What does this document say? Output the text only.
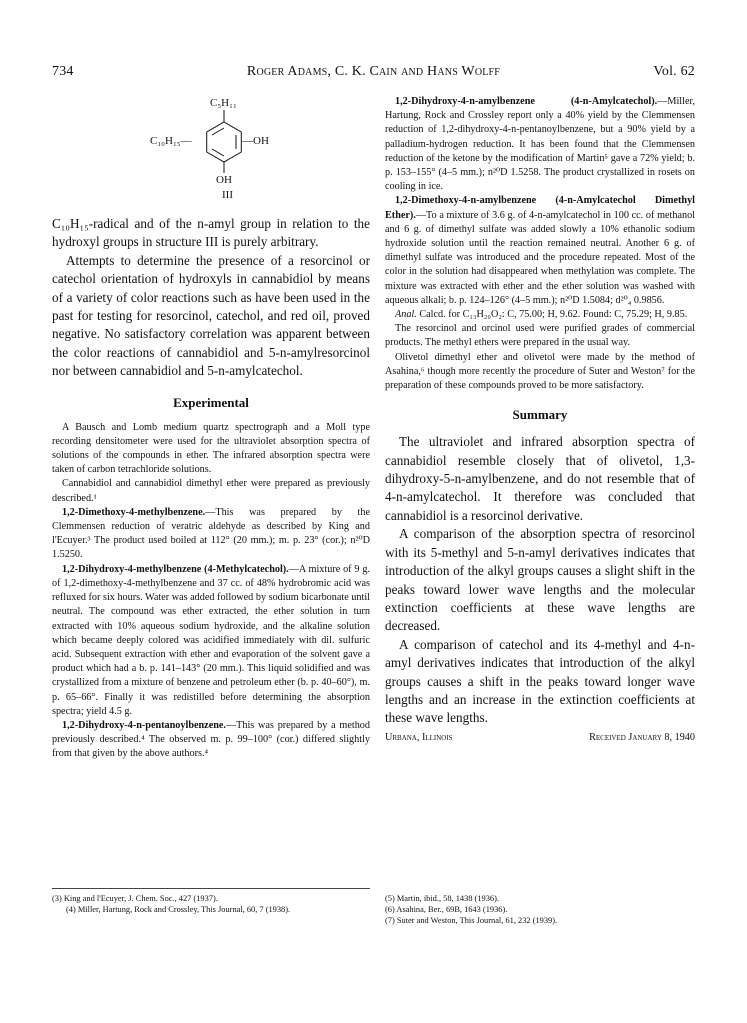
734	Roger Adams, C. K. Cain and Hans Wolff	Vol. 62
C₅H₁₁
C₁₀H₁₅—	—OH
OH
III

C₁₀H₁₅-radical and of the n-amyl group in relation to the hydroxyl groups in structure III is purely arbitrary.

Attempts to determine the presence of a resorcinol or catechol orientation of hydroxyls in cannabidiol by means of a variety of color reactions such as have been used in the past for testing for resorcinol, catechol, and red oil, proved negative. No satisfactory correlation was apparent between the color reactions of cannabidiol and 5-n-amylresorcinol nor between cannabidiol and 5-n-amylcatechol.

Experimental

A Bausch and Lomb medium quartz spectrograph and a Moll type recording densitometer were used for the ultraviolet absorption spectra of solutions of the compounds in ether. The infrared absorption spectra were taken of carbon tetrachloride solutions.

Cannabidiol and cannabidiol dimethyl ether were prepared as previously described.¹

1,2-Dimethoxy-4-methylbenzene.—This was prepared by the Clemmensen reduction of veratric aldehyde as described by King and l'Ecuyer.³ The product used boiled at 112° (20 mm.); m. p. 23° (cor.); n²⁰D 1.5250.

1,2-Dihydroxy-4-methylbenzene (4-Methylcatechol).—A mixture of 9 g. of 1,2-dimethoxy-4-methylbenzene and 37 cc. of 48% hydrobromic acid was refluxed for six hours. Water was added followed by sodium bicarbonate until neutral. The compound was ether extracted, the ether solution in turn extracted with 10% aqueous sodium hydroxide, and the alkaline solution which became deeply colored was acidified immediately with dil. sulfuric acid. Subsequent extraction with ether and evaporation of the solvent gave a product which had a b. p. 141–143° (20 mm.). This liquid solidified and was crystallized from a mixture of benzene and petroleum ether (b. p. 40–60°), m. p. 65–66°. Finally it was redistilled before determining the absorption spectra; yield 4.5 g.

1,2-Dihydroxy-4-n-pentanoylbenzene.—This was prepared by a method previously described.⁴ The observed m. p. 99–100° (cor.) differed slightly from that given by the above authors.⁴

1,2-Dihydroxy-4-n-amylbenzene (4-n-Amylcatechol).—Miller, Hartung, Rock and Crossley report only a 40% yield by the Clemmensen reduction of 1,2-dihydroxy-4-n-pentanoylbenzene, but a 90% yield by a palladium-hydrogen reduction. It has been found that the Clemmensen reduction of the ketone by the modification of Martin⁵ gave a 72% yield; b. p. 153–155° (4–5 mm.); n²⁰D 1.5258. The product crystallized in rosets on cooling in ice.

1,2-Dimethoxy-4-n-amylbenzene (4-n-Amylcatechol Dimethyl Ether).—To a mixture of 3.6 g. of 4-n-amylcatechol in 100 cc. of methanol and 6 g. of dimethyl sulfate was added slowly a 10% ethanolic sodium hydroxide solution until the reaction remained neutral. Another 6 g. of dimethyl sulfate was introduced and the procedure repeated. Most of the color in the solution had disappeared when methylation was complete. The mixture was extracted with ether and the ether solution was washed with aqueous alkali; b. p. 124–126° (4–5 mm.); n²⁰D 1.5084; d²⁰₄ 0.9856.

Anal. Calcd. for C₁₃H₂₀O₂: C, 75.00; H, 9.62. Found: C, 75.29; H, 9.85.

The resorcinol and orcinol used were purified grades of commercial products. The methyl ethers were prepared in the usual way.

Olivetol dimethyl ether and olivetol were made by the method of Asahina,⁶ though more recently the procedure of Suter and Weston⁷ for the preparation of these compounds proved to be more satisfactory.

Summary

The ultraviolet and infrared absorption spectra of cannabidiol resemble closely that of olivetol, 1,3-dihydroxy-5-n-amylbenzene, and do not resemble that of 4-n-amylcatechol. It therefore was concluded that cannabidiol is a resorcinol derivative.

A comparison of the absorption spectra of resorcinol with its 5-methyl and 5-n-amyl derivatives indicates that introduction of the alkyl groups causes a slight shift in the peaks toward lower wave lengths and the molecular extinction coefficients at these wave lengths are decreased.

A comparison of catechol and its 4-methyl and 4-n-amyl derivatives indicates that introduction of the alkyl groups causes a shift in the peaks toward longer wave lengths and an increase in the extinction coefficients at these wave lengths.

Urbana, Illinois	Received January 8, 1940

(3) King and l'Ecuyer, J. Chem. Soc., 427 (1937).

(4) Miller, Hartung, Rock and Crossley, This Journal, 60, 7 (1938).

(5) Martin, ibid., 58, 1438 (1936).

(6) Asahina, Ber., 69B, 1643 (1936).

(7) Suter and Weston, This Journal, 61, 232 (1939).
